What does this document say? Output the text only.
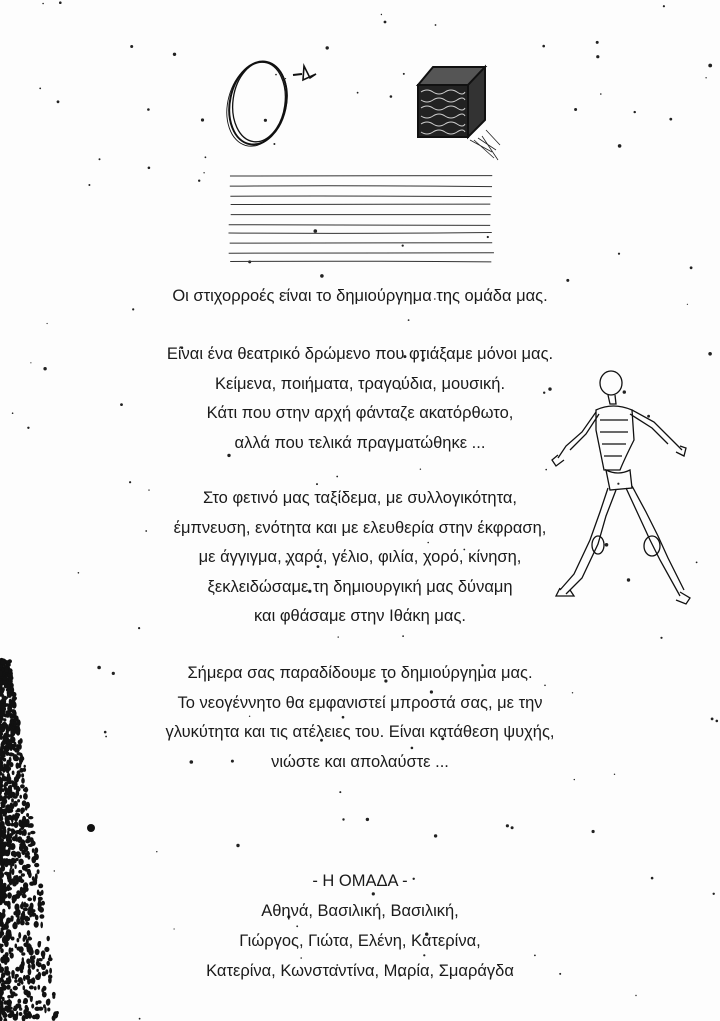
Οι στιχορροές είναι το δημιούργημα της ομάδα μας.
Είναι ένα θεατρικό δρώμενο που φτιάξαμε μόνοι μας.
Κείμενα, ποιήματα, τραγούδια, μουσική.
Κάτι που στην αρχή φάνταζε ακατόρθωτο,
αλλά που τελικά πραγματώθηκε ...
Στο φετινό μας ταξίδεμα, με συλλογικότητα,
έμπνευση, ενότητα και με ελευθερία στην έκφραση,
με άγγιγμα, χαρά, γέλιο, φιλία, χορό, κίνηση,
ξεκλειδώσαμε τη δημιουργική μας δύναμη
και φθάσαμε στην Ιθάκη μας.
Σήμερα σας παραδίδουμε το δημιούργημα μας.
Το νεογέννητο θα εμφανιστεί μπροστά σας, με την
γλυκύτητα και τις ατέλειες του. Είναι κατάθεση ψυχής,
νιώστε και απολαύστε ...
- Η ΟΜΑΔΑ -
Αθηνά, Βασιλική, Βασιλική,
Γιώργος, Γιώτα, Ελένη, Κατερίνα,
Κατερίνα, Κωνσταντίνα, Μαρία, Σμαράγδα
